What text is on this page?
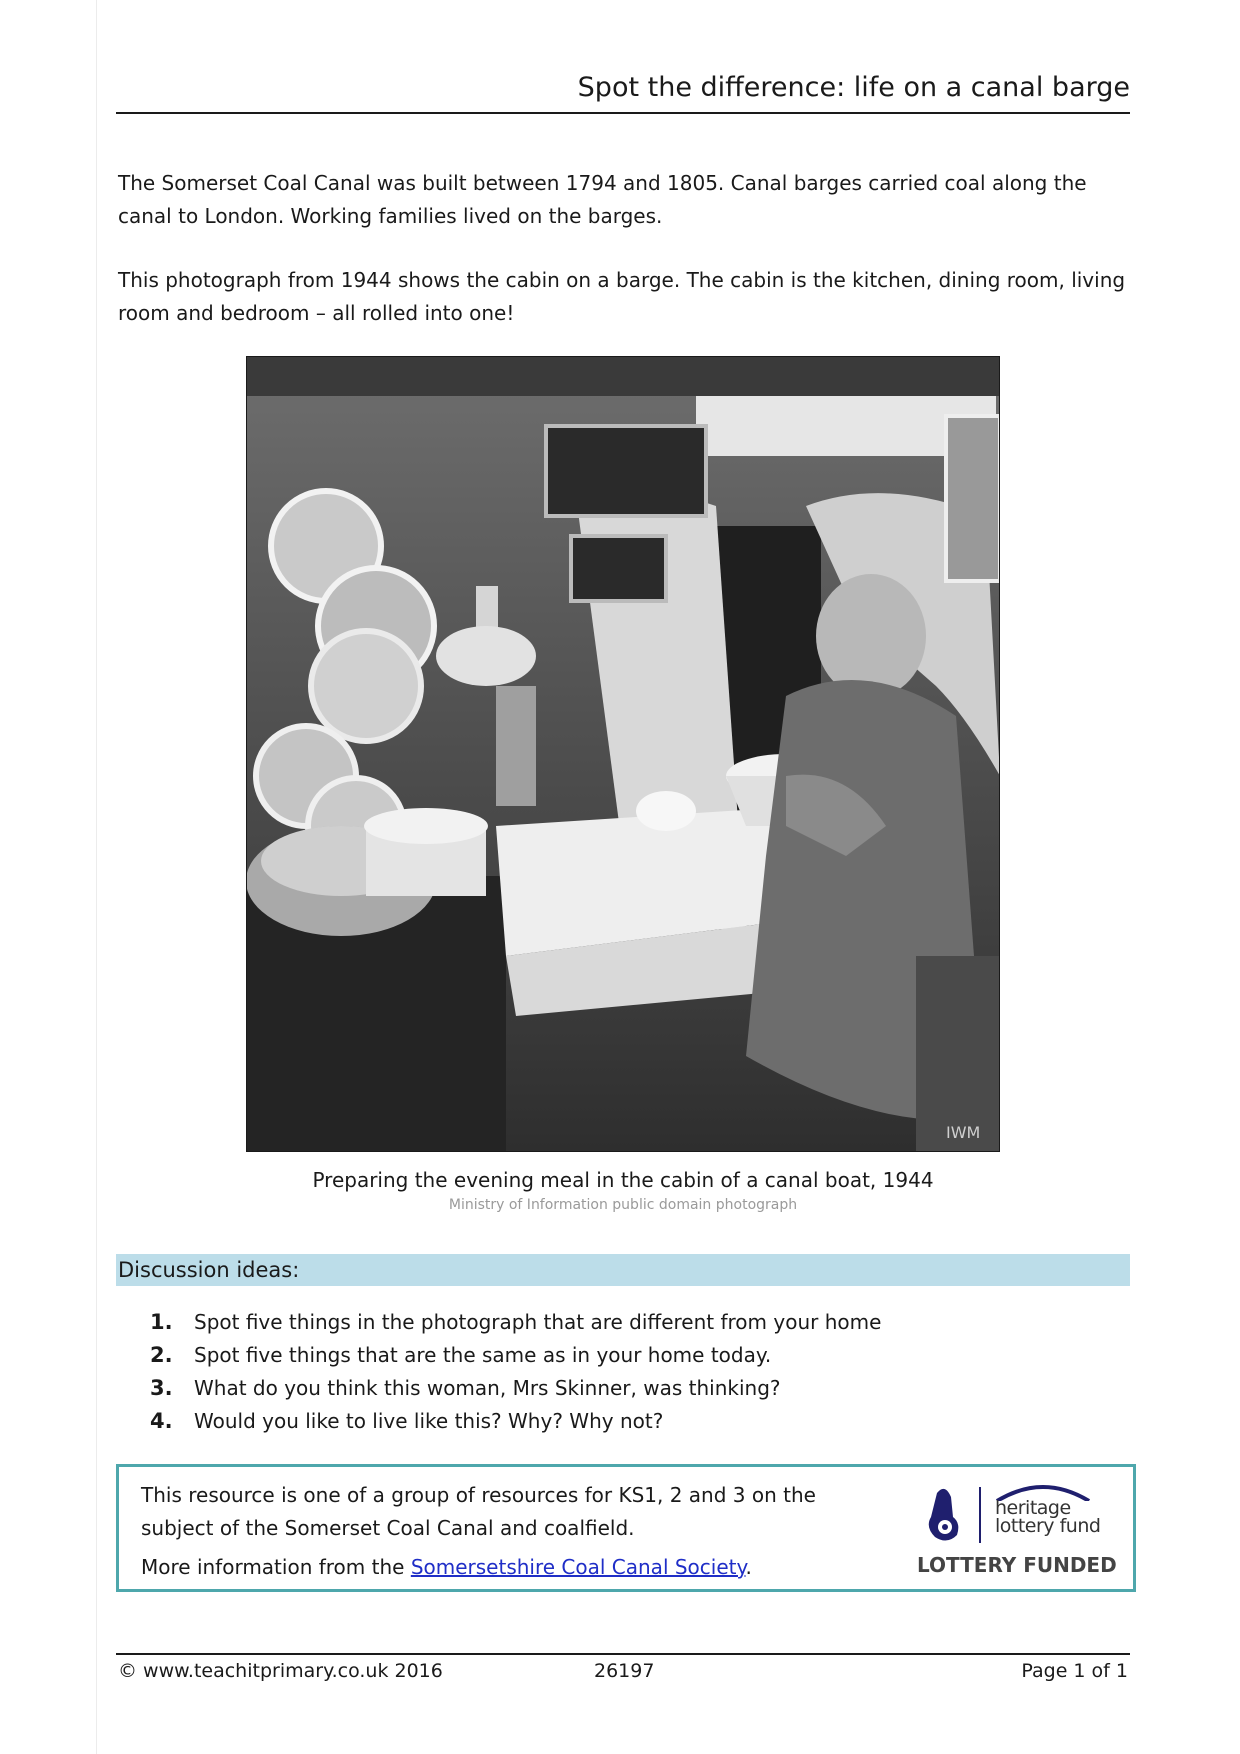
Spot the difference: life on a canal barge

The Somerset Coal Canal was built between 1794 and 1805. Canal barges carried coal along the canal to London. Working families lived on the barges.

This photograph from 1944 shows the cabin on a barge. The cabin is the kitchen, dining room, living room and bedroom – all rolled into one!

IWM
Preparing the evening meal in the cabin of a canal boat, 1944
Ministry of Information public domain photograph
Discussion ideas:
1. Spot five things in the photograph that are different from your home
2. Spot five things that are the same as in your home today.
3. What do you think this woman, Mrs Skinner, was thinking?
4. Would you like to live like this? Why? Why not?

This resource is one of a group of resources for KS1, 2 and 3 on the subject of the Somerset Coal Canal and coalfield.

More information from the Somersetshire Coal Canal Society.

heritage
lottery fund
LOTTERY FUNDED
© www.teachitprimary.co.uk 2016	26197	Page 1 of 1
